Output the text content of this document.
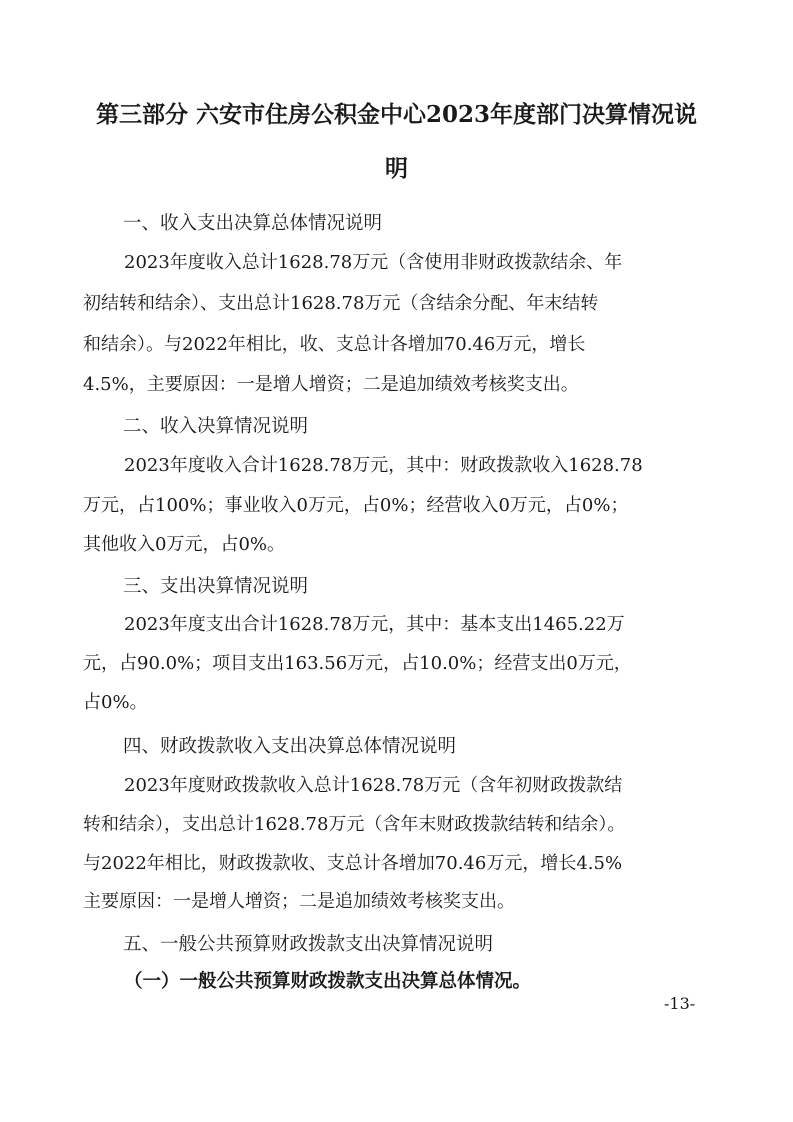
第三部分 六安市住房公积金中心2023年度部门决算情况说
明
一、收入支出决算总体情况说明
2023年度收入总计1628.78万元（含使用非财政拨款结余、年
初结转和结余）、支出总计1628.78万元（含结余分配、年末结转
和结余）。与2022年相比，收、支总计各增加70.46万元，增长
4.5%，主要原因：一是增人增资；二是追加绩效考核奖支出。
二、收入决算情况说明
2023年度收入合计1628.78万元，其中：财政拨款收入1628.78
万元，占100%；事业收入0万元，占0%；经营收入0万元，占0%；
其他收入0万元，占0%。
三、支出决算情况说明
2023年度支出合计1628.78万元，其中：基本支出1465.22万
元，占90.0%；项目支出163.56万元，占10.0%；经营支出0万元，
占0%。
四、财政拨款收入支出决算总体情况说明
2023年度财政拨款收入总计1628.78万元（含年初财政拨款结
转和结余），支出总计1628.78万元（含年末财政拨款结转和结余）。
与2022年相比，财政拨款收、支总计各增加70.46万元，增长4.5%
主要原因：一是增人增资；二是追加绩效考核奖支出。
五、一般公共预算财政拨款支出决算情况说明
（一）一般公共预算财政拨款支出决算总体情况。
-13-
